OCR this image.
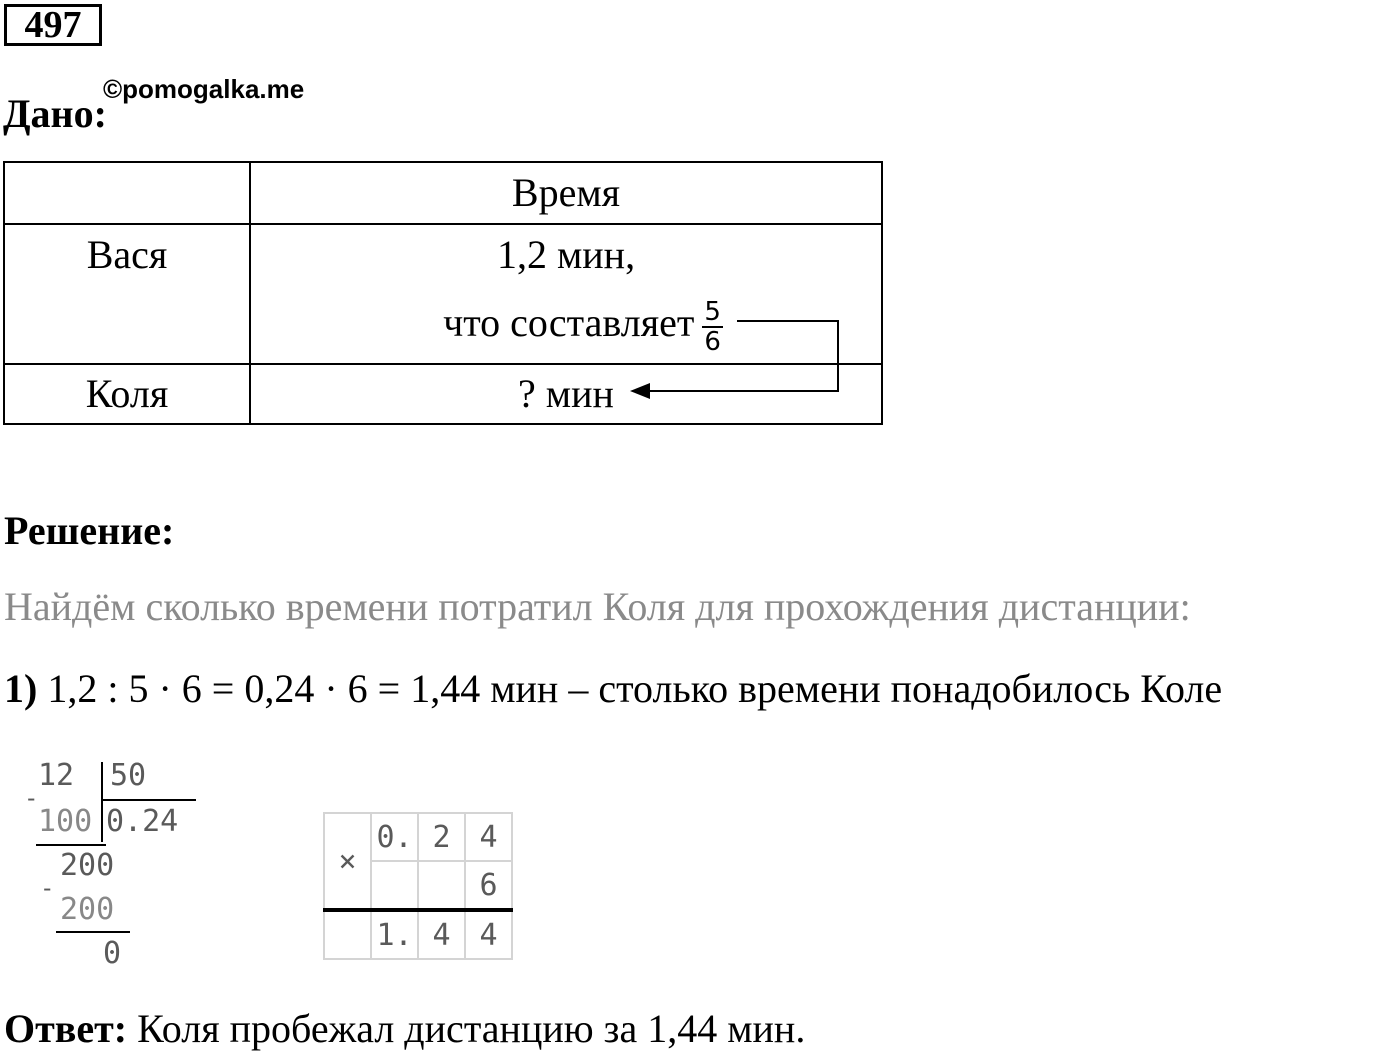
497
Дано:
©pomogalka.me
	Время
Вася	1,2 мин,
что составляет $\frac{5}{6}$

Коля	? мин
Решение:
Найдём сколько времени потратил Коля для прохождения дистанции:
1) 1,2 : 5 · 6 = 0,24 · 6 = 1,44 мин – столько времени понадобилось Коле
12 50
-
100 0.24
200
-
200
0
×	0.	2	4
			6
	1.	4	4
Ответ: Коля пробежал дистанцию за 1,44 мин.
